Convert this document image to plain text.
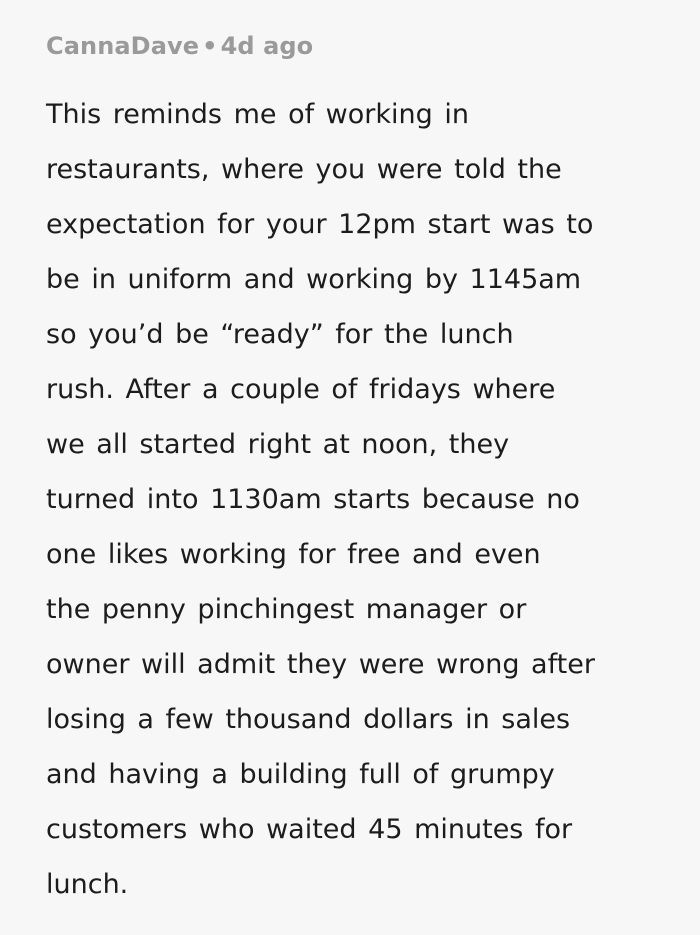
CannaDave • 4d ago
This reminds me of working in
restaurants, where you were told the
expectation for your 12pm start was to
be in uniform and working by 1145am
so you’d be “ready” for the lunch
rush. After a couple of fridays where
we all started right at noon, they
turned into 1130am starts because no
one likes working for free and even
the penny pinchingest manager or
owner will admit they were wrong after
losing a few thousand dollars in sales
and having a building full of grumpy
customers who waited 45 minutes for
lunch.
